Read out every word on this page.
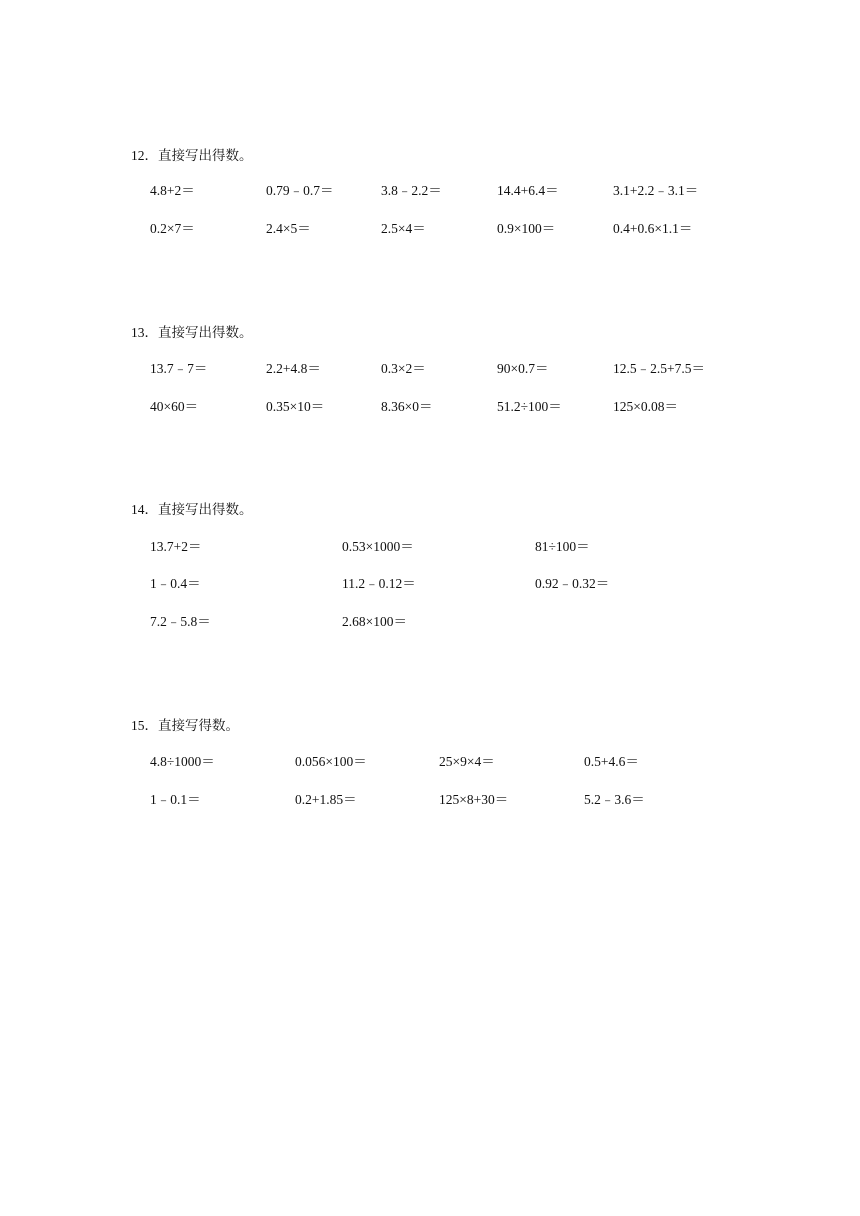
12．直接写出得数。
4.8+2＝	0.79﹣0.7＝	3.8﹣2.2＝	14.4+6.4＝	3.1+2.2﹣3.1＝
0.2×7＝	2.4×5＝	2.5×4＝	0.9×100＝	0.4+0.6×1.1＝
13．直接写出得数。
13.7﹣7＝	2.2+4.8＝	0.3×2＝	90×0.7＝	12.5﹣2.5+7.5＝
40×60＝	0.35×10＝	8.36×0＝	51.2÷100＝	125×0.08＝
14．直接写出得数。
13.7+2＝	0.53×1000＝	81÷100＝
1﹣0.4＝	11.2﹣0.12＝	0.92﹣0.32＝
7.2﹣5.8＝	2.68×100＝
15．直接写得数。
4.8÷1000＝	0.056×100＝	25×9×4＝	0.5+4.6＝
1﹣0.1＝	0.2+1.85＝	125×8+30＝	5.2﹣3.6＝
